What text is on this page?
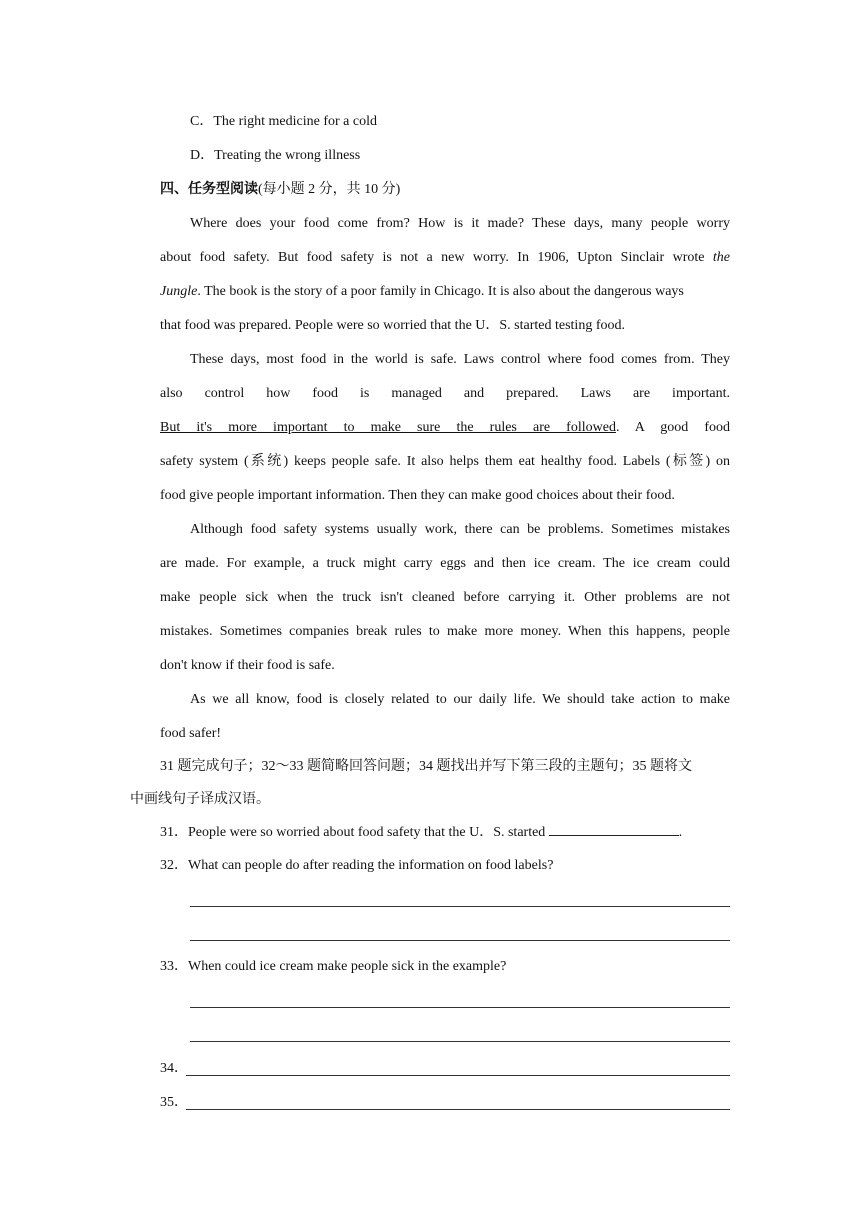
C．The right medicine for a cold
D．Treating the wrong illness
四、任务型阅读(每小题 2 分，共 10 分)
Where does your food come from? How is it made? These days, many people worry
about food safety. But food safety is not a new worry. In 1906, Upton Sinclair wrote the
Jungle. The book is the story of a poor family in Chicago. It is also about the dangerous ways
that food was prepared. People were so worried that the U．S. started testing food.
These days, most food in the world is safe. Laws control where food comes from. They
also control how food is managed and prepared. Laws are important.
But it's more important to make sure the rules are followed. A good food
safety system (系统) keeps people safe. It also helps them eat healthy food. Labels (标签) on
food give people important information. Then they can make good choices about their food.
Although food safety systems usually work, there can be problems. Sometimes mistakes
are made. For example, a truck might carry eggs and then ice cream. The ice cream could
make people sick when the truck isn't cleaned before carrying it. Other problems are not
mistakes. Sometimes companies break rules to make more money. When this happens, people
don't know if their food is safe.
As we all know, food is closely related to our daily life. We should take action to make
food safer!
31 题完成句子；32～33 题简略回答问题；34 题找出并写下第三段的主题句；35 题将文
中画线句子译成汉语。
31．People were so worried about food safety that the U．S. started	.
32．What can people do after reading the information on food labels?
33．When could ice cream make people sick in the example?
34．
35．
